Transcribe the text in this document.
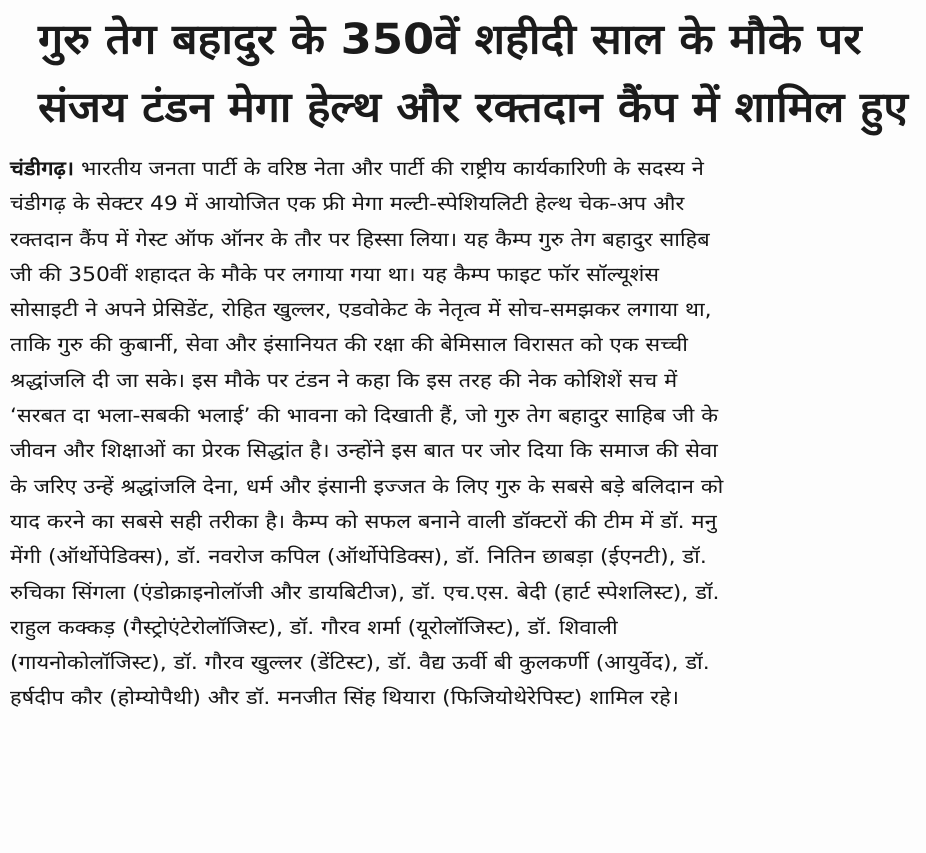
गुरु तेग बहादुर के 350वें शहीदी साल के मौके पर
संजय टंडन मेगा हेल्थ और रक्तदान कैंप में शामिल हुए
चंडीगढ़। भारतीय जनता पार्टी के वरिष्ठ नेता और पार्टी की राष्ट्रीय कार्यकारिणी के सदस्य ने
चंडीगढ़ के सेक्टर 49 में आयोजित एक फ्री मेगा मल्टी-स्पेशियलिटी हेल्थ चेक-अप और
रक्तदान कैंप में गेस्ट ऑफ ऑनर के तौर पर हिस्सा लिया। यह कैम्प गुरु तेग बहादुर साहिब
जी की 350वीं शहादत के मौके पर लगाया गया था। यह कैम्प फाइट फॉर सॉल्यूशंस
सोसाइटी ने अपने प्रेसिडेंट, रोहित खुल्लर, एडवोकेट के नेतृत्व में सोच-समझकर लगाया था,
ताकि गुरु की कुबार्नी, सेवा और इंसानियत की रक्षा की बेमिसाल विरासत को एक सच्ची
श्रद्धांजलि दी जा सके। इस मौके पर टंडन ने कहा कि इस तरह की नेक कोशिशें सच में
‘सरबत दा भला-सबकी भलाई’ की भावना को दिखाती हैं, जो गुरु तेग बहादुर साहिब जी के
जीवन और शिक्षाओं का प्रेरक सिद्धांत है। उन्होंने इस बात पर जोर दिया कि समाज की सेवा
के जरिए उन्हें श्रद्धांजलि देना, धर्म और इंसानी इज्जत के लिए गुरु के सबसे बड़े बलिदान को
याद करने का सबसे सही तरीका है। कैम्प को सफल बनाने वाली डॉक्टरों की टीम में डॉ. मनु
मेंगी (ऑर्थोपेडिक्स), डॉ. नवरोज कपिल (ऑर्थोपेडिक्स), डॉ. नितिन छाबड़ा (ईएनटी), डॉ.
रुचिका सिंगला (एंडोक्राइनोलॉजी और डायबिटीज), डॉ. एच.एस. बेदी (हार्ट स्पेशलिस्ट), डॉ.
राहुल कक्कड़ (गैस्ट्रोएंटेरोलॉजिस्ट), डॉ. गौरव शर्मा (यूरोलॉजिस्ट), डॉ. शिवाली
(गायनोकोलॉजिस्ट), डॉ. गौरव खुल्लर (डेंटिस्ट), डॉ. वैद्य ऊर्वी बी कुलकर्णी (आयुर्वेद), डॉ.
हर्षदीप कौर (होम्योपैथी) और डॉ. मनजीत सिंह थियारा (फिजियोथेरेपिस्ट) शामिल रहे।
